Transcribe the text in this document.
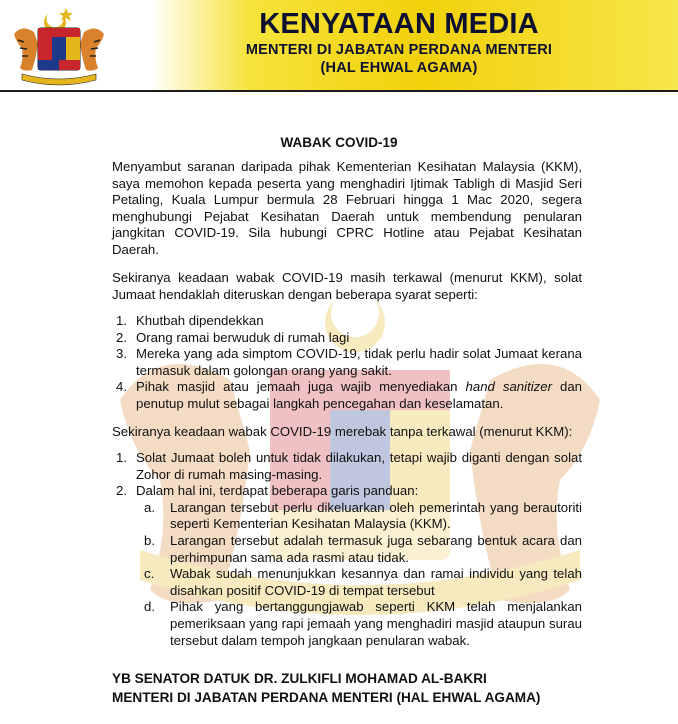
KENYATAAN MEDIA
MENTERI DI JABATAN PERDANA MENTERI
(HAL EHWAL AGAMA)
WABAK COVID-19

Menyambut saranan daripada pihak Kementerian Kesihatan Malaysia (KKM), saya memohon kepada peserta yang menghadiri Ijtimak Tabligh di Masjid Seri Petaling, Kuala Lumpur bermula 28 Februari hingga 1 Mac 2020, segera menghubungi Pejabat Kesihatan Daerah untuk membendung penularan jangkitan COVID-19. Sila hubungi CPRC Hotline atau Pejabat Kesihatan Daerah.

Sekiranya keadaan wabak COVID-19 masih terkawal (menurut KKM), solat Jumaat hendaklah diteruskan dengan beberapa syarat seperti:

1. Khutbah dipendekkan
2. Orang ramai berwuduk di rumah lagi
3. Mereka yang ada simptom COVID-19, tidak perlu hadir solat Jumaat kerana termasuk dalam golongan orang yang sakit.
4. Pihak masjid atau jemaah juga wajib menyediakan hand sanitizer dan penutup mulut sebagai langkah pencegahan dan keselamatan.

Sekiranya keadaan wabak COVID-19 merebak tanpa terkawal (menurut KKM):

1. Solat Jumaat boleh untuk tidak dilakukan, tetapi wajib diganti dengan solat Zohor di rumah masing-masing.
2. Dalam hal ini, terdapat beberapa garis panduan:
a. Larangan tersebut perlu dikeluarkan oleh pemerintah yang berautoriti seperti Kementerian Kesihatan Malaysia (KKM).
b. Larangan tersebut adalah termasuk juga sebarang bentuk acara dan perhimpunan sama ada rasmi atau tidak.
c. Wabak sudah menunjukkan kesannya dan ramai individu yang telah disahkan positif COVID-19 di tempat tersebut
d. Pihak yang bertanggungjawab seperti KKM telah menjalankan pemeriksaan yang rapi jemaah yang menghadiri masjid ataupun surau tersebut dalam tempoh jangkaan penularan wabak.
YB SENATOR DATUK DR. ZULKIFLI MOHAMAD AL-BAKRI
MENTERI DI JABATAN PERDANA MENTERI (HAL EHWAL AGAMA)
